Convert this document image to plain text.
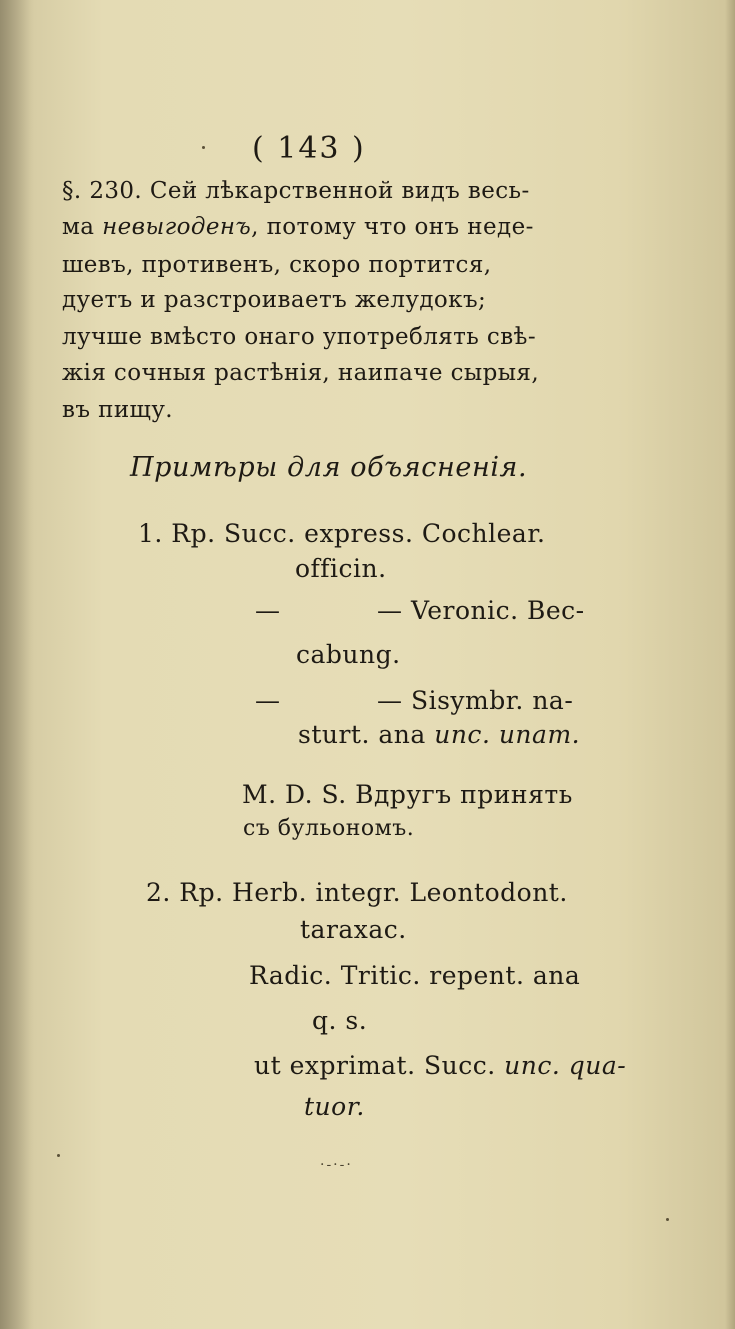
( 143 )
§. 230. Сей лѣкарственной видъ весь-
ма невыгоденъ, потому что онъ неде-
шевъ, противенъ, скоро портится,
дуетъ и разстроиваетъ желудокъ;
лучше вмѣсто онаго употреблять свѣ-
жія сочныя растѣнія, наипаче сырыя,
въ пищу.
Примѣры для объясненія.
1. Rp. Succ. express. Cochlear.
officin.
—	— Veronic. Bec-
cabung.
—	— Sisymbr. na-
sturt. ana unc. unam.
M. D. S. Вдругъ принять
съ бульономъ.
2. Rp. Herb. integr. Leontodont.
taraxac.
Radic. Tritic. repent. ana
q. s.
ut exprimat. Succ. unc. qua-
tuor.
·-·-·
